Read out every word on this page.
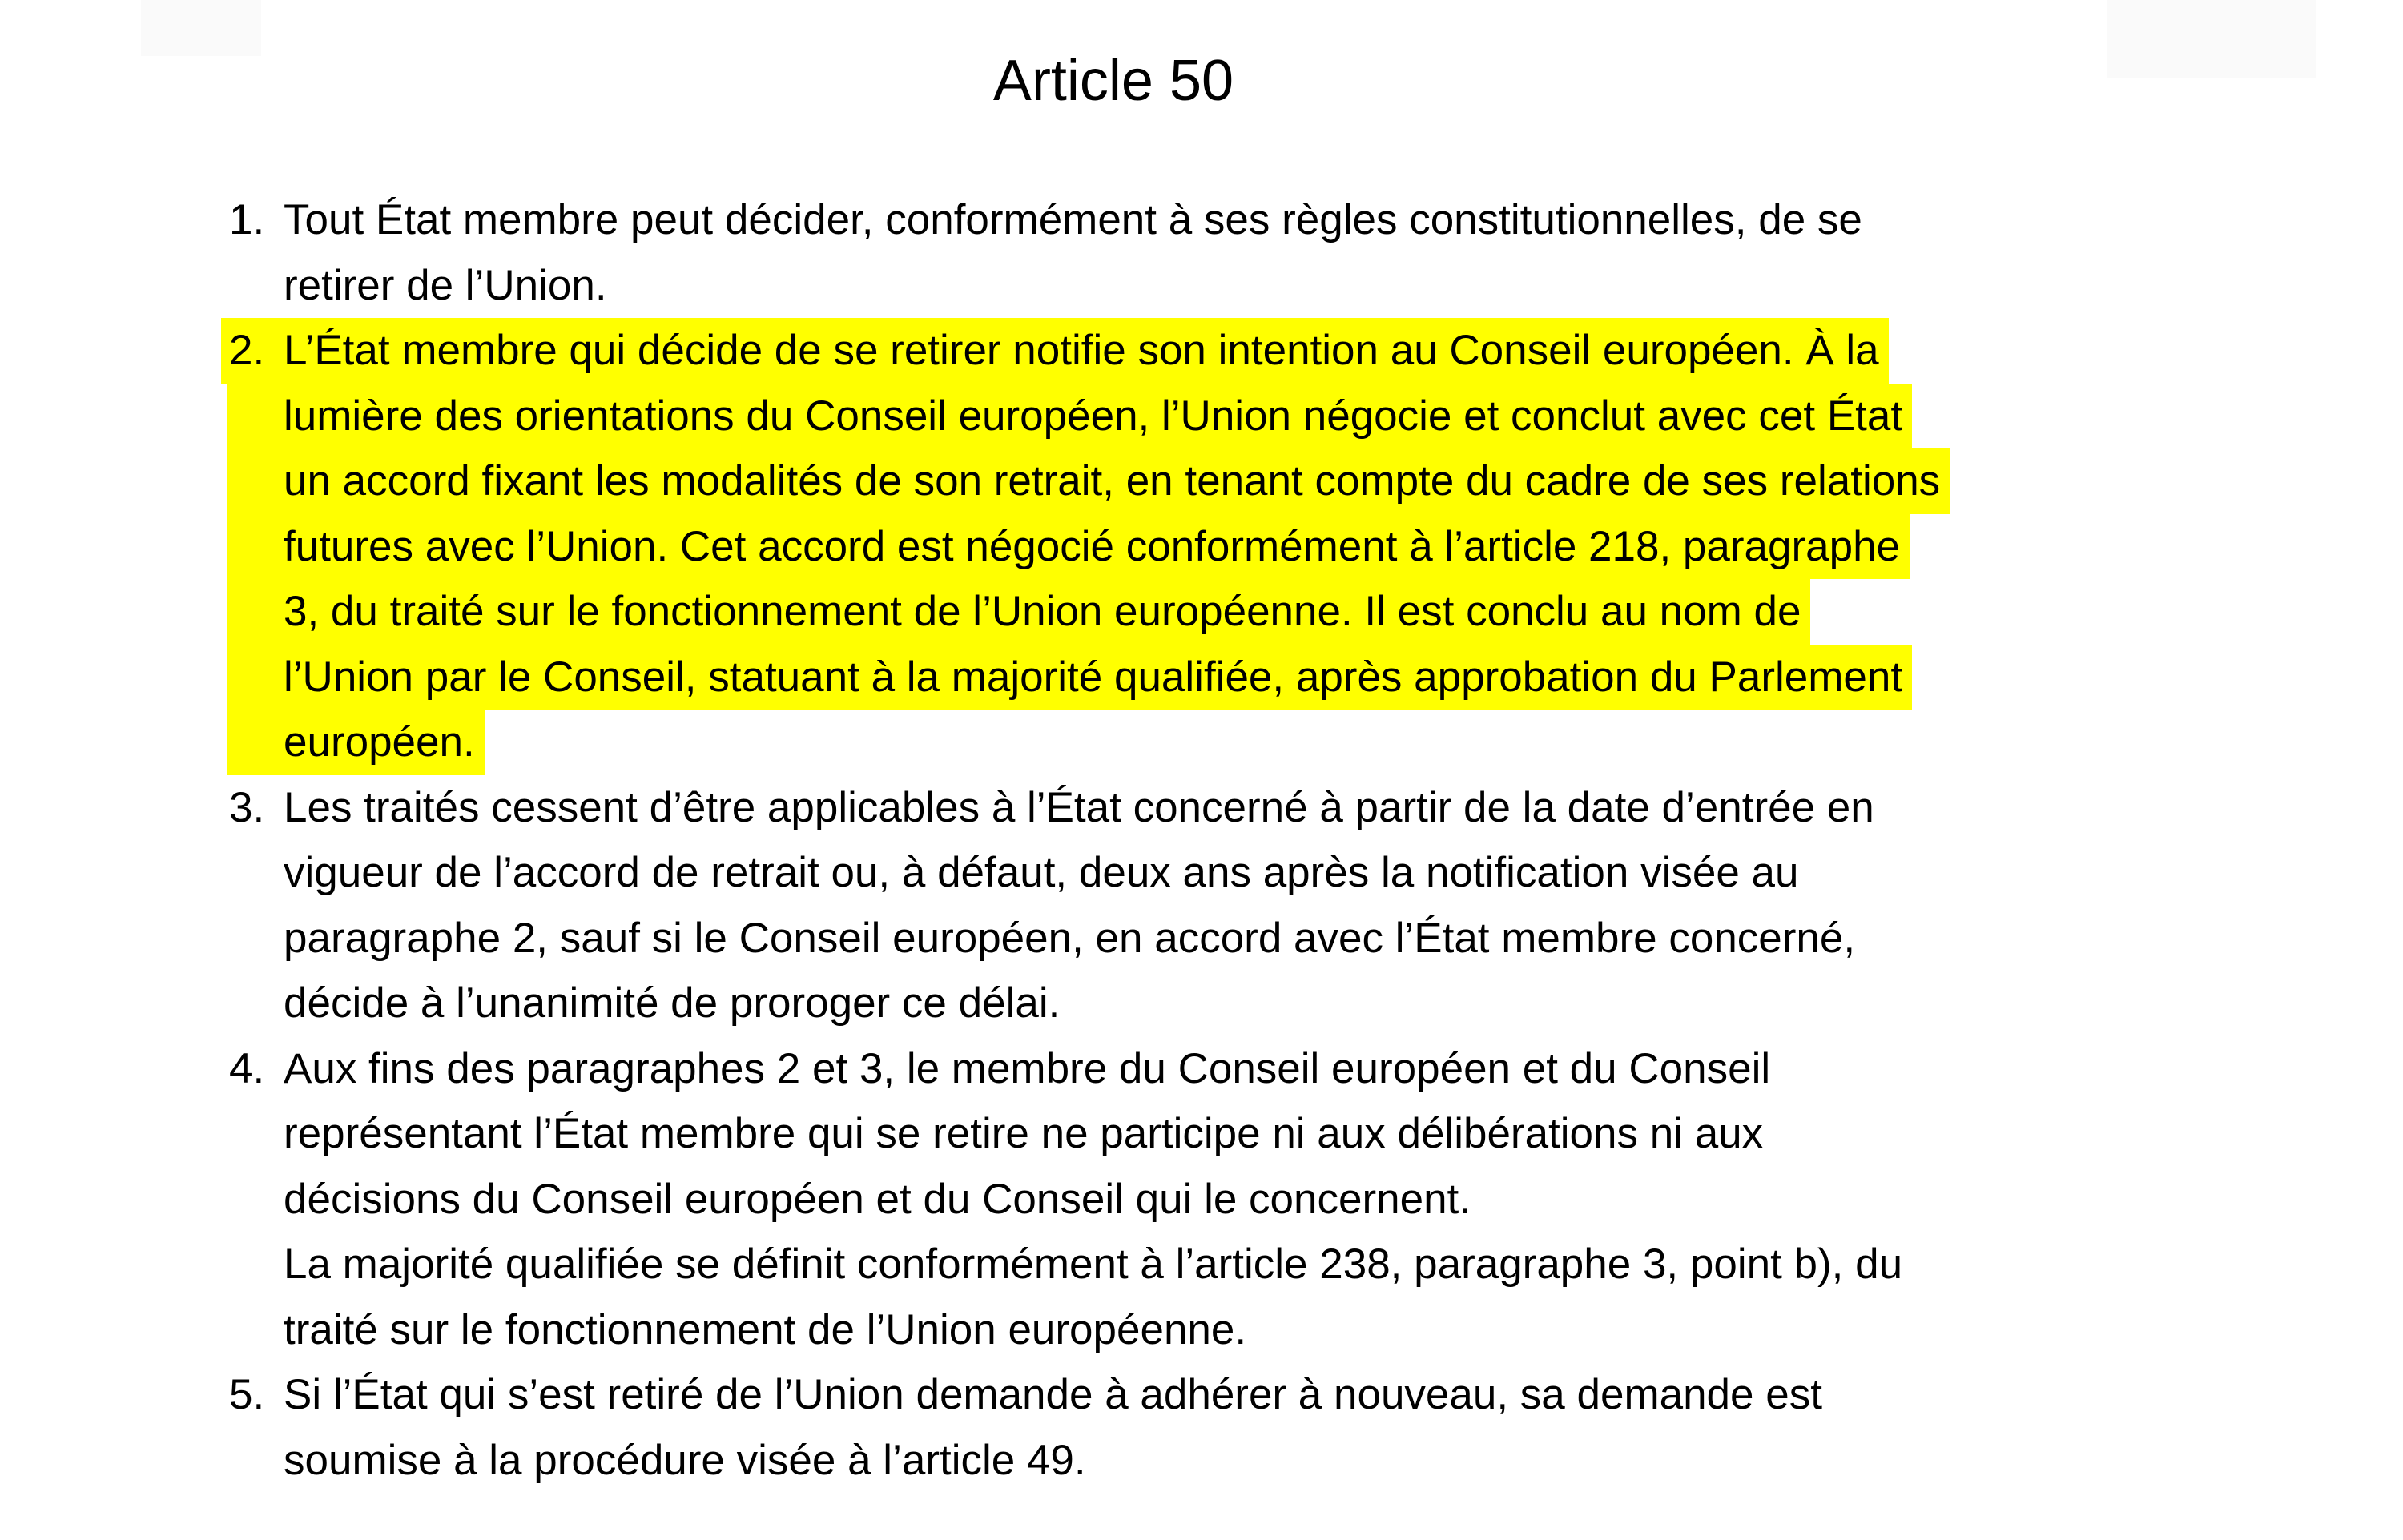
Article 50
1. Tout État membre peut décider, conformément à ses règles constitutionnelles, de se
retirer de l’Union.
2. L’État membre qui décide de se retirer notifie son intention au Conseil européen. À la
lumière des orientations du Conseil européen, l’Union négocie et conclut avec cet État
un accord fixant les modalités de son retrait, en tenant compte du cadre de ses relations
futures avec l’Union. Cet accord est négocié conformément à l’article 218, paragraphe
3, du traité sur le fonctionnement de l’Union européenne. Il est conclu au nom de
l’Union par le Conseil, statuant à la majorité qualifiée, après approbation du Parlement
européen.
3. Les traités cessent d’être applicables à l’État concerné à partir de la date d’entrée en
vigueur de l’accord de retrait ou, à défaut, deux ans après la notification visée au
paragraphe 2, sauf si le Conseil européen, en accord avec l’État membre concerné,
décide à l’unanimité de proroger ce délai.
4. Aux fins des paragraphes 2 et 3, le membre du Conseil européen et du Conseil
représentant l’État membre qui se retire ne participe ni aux délibérations ni aux
décisions du Conseil européen et du Conseil qui le concernent.
La majorité qualifiée se définit conformément à l’article 238, paragraphe 3, point b), du
traité sur le fonctionnement de l’Union européenne.
5. Si l’État qui s’est retiré de l’Union demande à adhérer à nouveau, sa demande est
soumise à la procédure visée à l’article 49.
